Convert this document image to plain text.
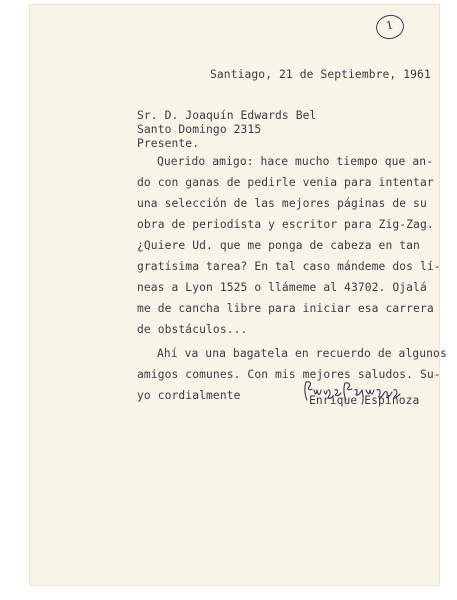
1
Santiago, 21 de Septiembre, 1961
Sr. D. Joaquín Edwards Bel
Santo Domingo 2315
Presente.
Querido amigo: hace mucho tiempo que an-
do con ganas de pedirle venia para intentar
una selección de las mejores páginas de su
obra de periodista y escritor para Zig-Zag.
¿Quiere Ud. que me ponga de cabeza en tan
gratísima tarea? En tal caso mándeme dos lí-
neas a Lyon 1525 o llámeme al 43702. Ojalá
me de cancha libre para iniciar esa carrera
de obstáculos...
Ahí va una bagatela en recuerdo de algunos
amigos comunes. Con mis mejores saludos. Su-
yo cordialmente	Enrique Espinoza
